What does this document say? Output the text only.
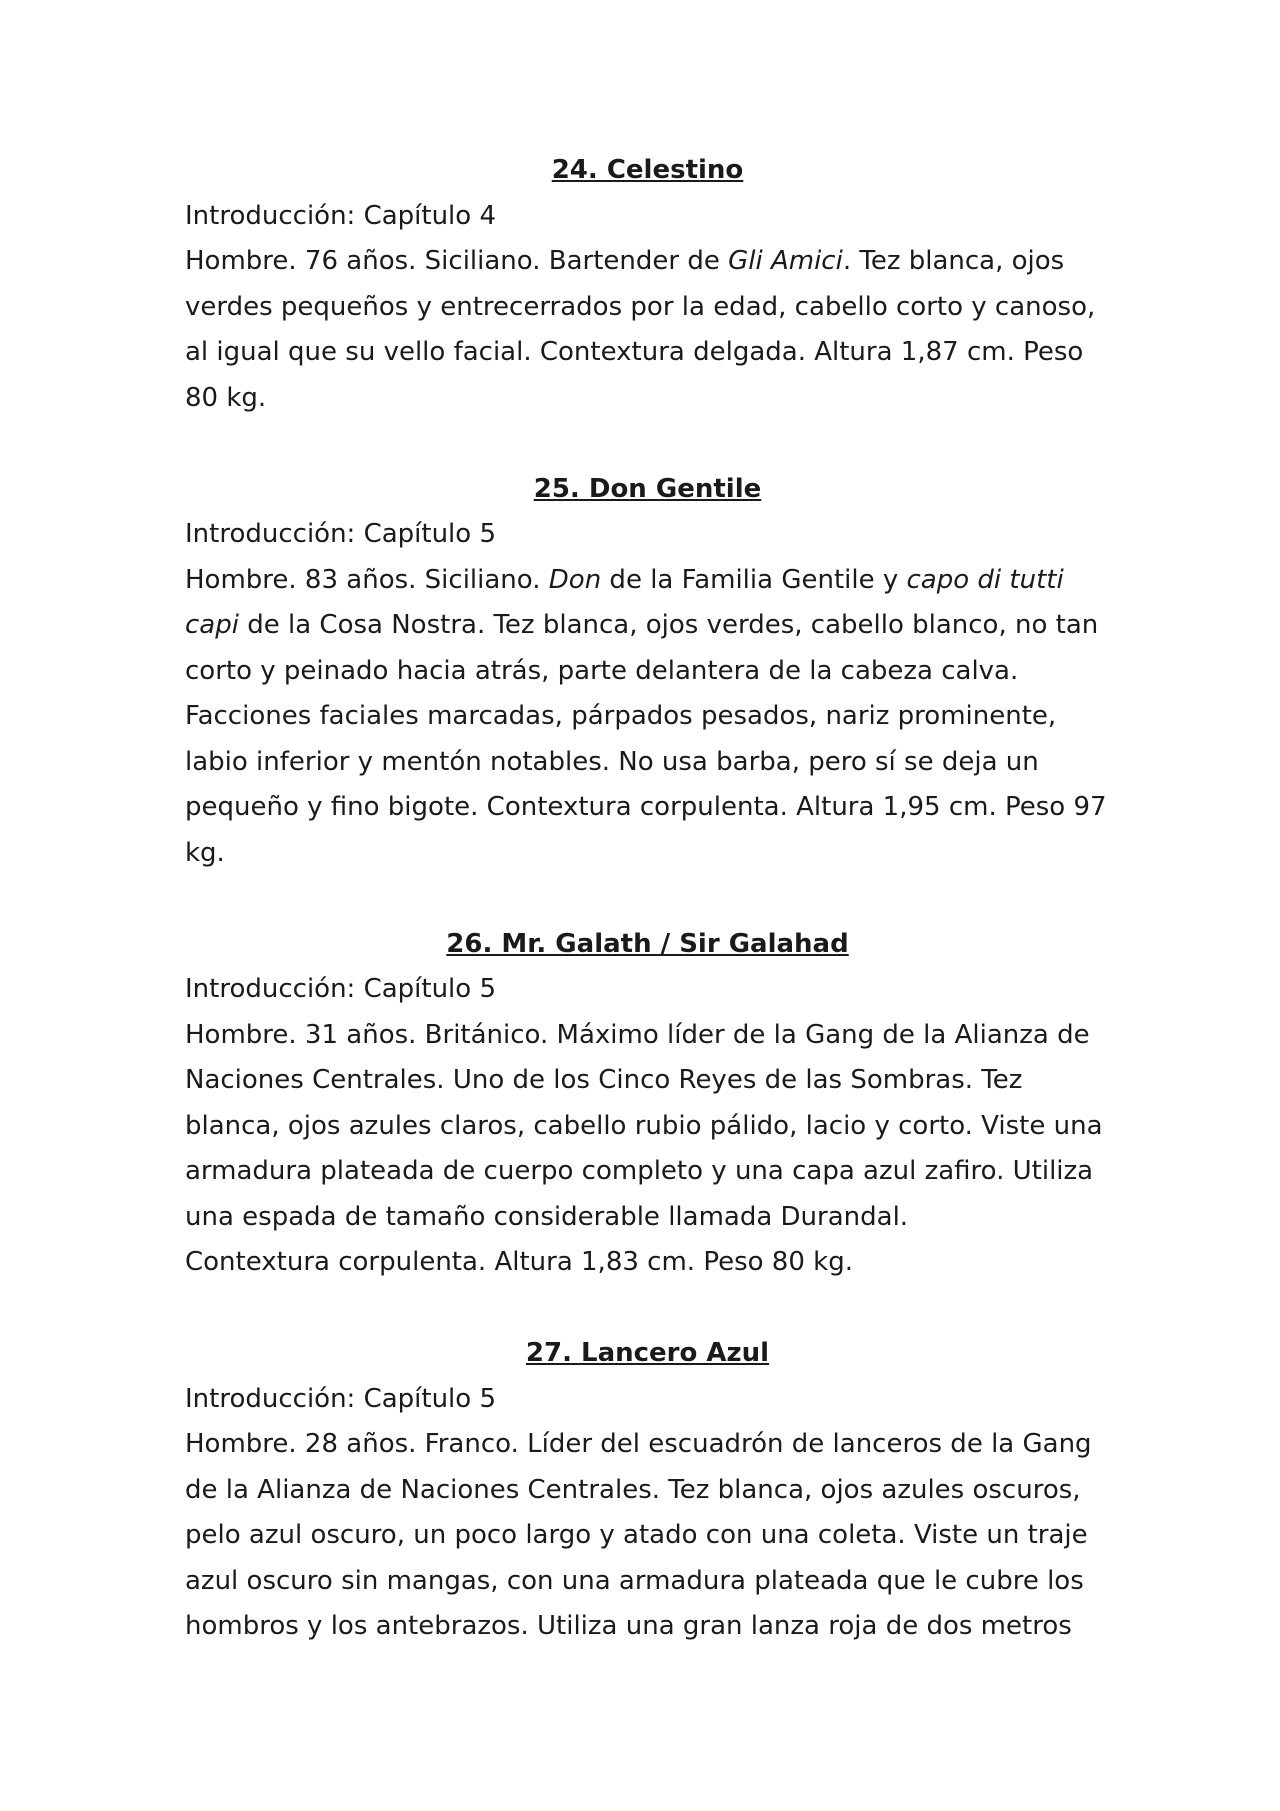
24. Celestino

Introducción: Capítulo 4

Hombre. 76 años. Siciliano. Bartender de Gli Amici. Tez blanca, ojos verdes pequeños y entrecerrados por la edad, cabello corto y canoso, al igual que su vello facial. Contextura delgada. Altura 1,87 cm. Peso 80 kg.

25. Don Gentile

Introducción: Capítulo 5

Hombre. 83 años. Siciliano. Don de la Familia Gentile y capo di tutti capi de la Cosa Nostra. Tez blanca, ojos verdes, cabello blanco, no tan corto y peinado hacia atrás, parte delantera de la cabeza calva. Facciones faciales marcadas, párpados pesados, nariz prominente, labio inferior y mentón notables. No usa barba, pero sí se deja un pequeño y fino bigote. Contextura corpulenta. Altura 1,95 cm. Peso 97 kg.

26. Mr. Galath / Sir Galahad

Introducción: Capítulo 5

Hombre. 31 años. Británico. Máximo líder de la Gang de la Alianza de Naciones Centrales. Uno de los Cinco Reyes de las Sombras. Tez blanca, ojos azules claros, cabello rubio pálido, lacio y corto. Viste una armadura plateada de cuerpo completo y una capa azul zafiro. Utiliza una espada de tamaño considerable llamada Durandal.

Contextura corpulenta. Altura 1,83 cm. Peso 80 kg.

27. Lancero Azul

Introducción: Capítulo 5

Hombre. 28 años. Franco. Líder del escuadrón de lanceros de la Gang de la Alianza de Naciones Centrales. Tez blanca, ojos azules oscuros, pelo azul oscuro, un poco largo y atado con una coleta. Viste un traje azul oscuro sin mangas, con una armadura plateada que le cubre los hombros y los antebrazos. Utiliza una gran lanza roja de dos metros
